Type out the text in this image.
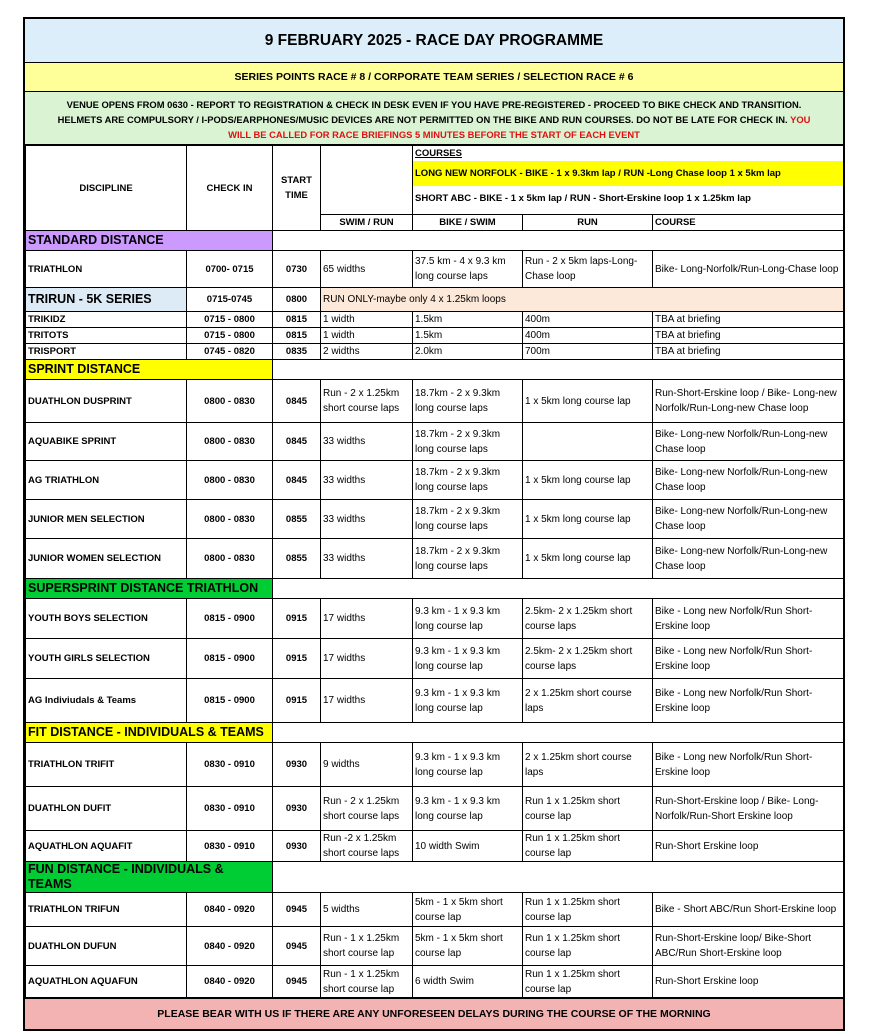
9 FEBRUARY 2025 - RACE DAY PROGRAMME
SERIES POINTS RACE # 8 / CORPORATE TEAM SERIES / SELECTION RACE # 6
VENUE OPENS FROM 0630 - REPORT TO REGISTRATION & CHECK IN DESK EVEN IF YOU HAVE PRE-REGISTERED - PROCEED TO BIKE CHECK AND TRANSITION.
HELMETS ARE COMPULSORY / I-PODS/EARPHONES/MUSIC DEVICES ARE NOT PERMITTED ON THE BIKE AND RUN COURSES. DO NOT BE LATE FOR CHECK IN. YOU
WILL BE CALLED FOR RACE BRIEFINGS 5 MINUTES BEFORE THE START OF EACH EVENT
DISCIPLINE	CHECK IN	START TIME		COURSES
LONG NEW NORFOLK - BIKE - 1 x 9.3km lap / RUN -Long Chase loop 1 x 5km lap
SHORT ABC - BIKE - 1 x 5km lap / RUN - Short-Erskine loop 1 x 1.25km lap		

			SWIM / RUN	BIKE / SWIM	RUN	COURSE
STANDARD DISTANCE						
TRIATHLON	0700- 0715	0730	65 widths	37.5 km - 4 x 9.3 km long course laps	Run - 2 x 5km laps-Long-Chase loop	Bike- Long-Norfolk/Run-Long-Chase loop
TRIRUN - 5K SERIES	0715-0745	0800	RUN ONLY-maybe only 4 x 1.25km loops			
TRIKIDZ	0715 - 0800	0815	1 width	1.5km	400m	TBA at briefing
TRITOTS	0715 - 0800	0815	1 width	1.5km	400m	TBA at briefing
TRISPORT	0745 - 0820	0835	2 widths	2.0km	700m	TBA at briefing
SPRINT DISTANCE						
DUATHLON DUSPRINT	0800 - 0830	0845	Run - 2 x 1.25km short course laps	18.7km - 2 x 9.3km long course laps	1 x 5km long course lap	Run-Short-Erskine loop / Bike- Long-new Norfolk/Run-Long-new Chase loop
AQUABIKE SPRINT	0800 - 0830	0845	33 widths	18.7km - 2 x 9.3km long course laps		Bike- Long-new Norfolk/Run-Long-new Chase loop
AG TRIATHLON	0800 - 0830	0845	33 widths	18.7km - 2 x 9.3km long course laps	1 x 5km long course lap	Bike- Long-new Norfolk/Run-Long-new Chase loop
JUNIOR MEN SELECTION	0800 - 0830	0855	33 widths	18.7km - 2 x 9.3km long course laps	1 x 5km long course lap	Bike- Long-new Norfolk/Run-Long-new Chase loop
JUNIOR WOMEN SELECTION	0800 - 0830	0855	33 widths	18.7km - 2 x 9.3km long course laps	1 x 5km long course lap	Bike- Long-new Norfolk/Run-Long-new Chase loop
SUPERSPRINT DISTANCE TRIATHLON						
YOUTH BOYS SELECTION	0815 - 0900	0915	17 widths	9.3 km - 1 x 9.3 km long course lap	2.5km- 2 x 1.25km short course laps	Bike - Long new Norfolk/Run Short-Erskine loop
YOUTH GIRLS SELECTION	0815 - 0900	0915	17 widths	9.3 km - 1 x 9.3 km long course lap	2.5km- 2 x 1.25km short course laps	Bike - Long new Norfolk/Run Short-Erskine loop
AG Indiviudals & Teams	0815 - 0900	0915	17 widths	9.3 km - 1 x 9.3 km long course lap	2 x 1.25km short course laps	Bike - Long new Norfolk/Run Short-Erskine loop
FIT DISTANCE - INDIVIDUALS & TEAMS						
TRIATHLON TRIFIT	0830 - 0910	0930	9 widths	9.3 km - 1 x 9.3 km long course lap	2 x 1.25km short course laps	Bike - Long new Norfolk/Run Short-Erskine loop
DUATHLON DUFIT	0830 - 0910	0930	Run - 2 x 1.25km short course laps	9.3 km - 1 x 9.3 km long course lap	Run 1 x 1.25km short course lap	Run-Short-Erskine loop / Bike- Long-Norfolk/Run-Short Erskine loop
AQUATHLON AQUAFIT	0830 - 0910	0930	Run -2 x 1.25km short course laps	10 width Swim	Run 1 x 1.25km short course lap	Run-Short Erskine loop
FUN DISTANCE - INDIVIDUALS & TEAMS						
TRIATHLON TRIFUN	0840 - 0920	0945	5 widths	5km - 1 x 5km short course lap	Run 1 x 1.25km short course lap	Bike - Short ABC/Run Short-Erskine loop
DUATHLON DUFUN	0840 - 0920	0945	Run - 1 x 1.25km short course lap	5km - 1 x 5km short course lap	Run 1 x 1.25km short course lap	Run-Short-Erskine loop/ Bike-Short ABC/Run Short-Erskine loop
AQUATHLON AQUAFUN	0840 - 0920	0945	Run - 1 x 1.25km short course lap	6 width Swim	Run 1 x 1.25km short course lap	Run-Short Erskine loop
PLEASE BEAR WITH US IF THERE ARE ANY UNFORESEEN DELAYS DURING THE COURSE OF THE MORNING
